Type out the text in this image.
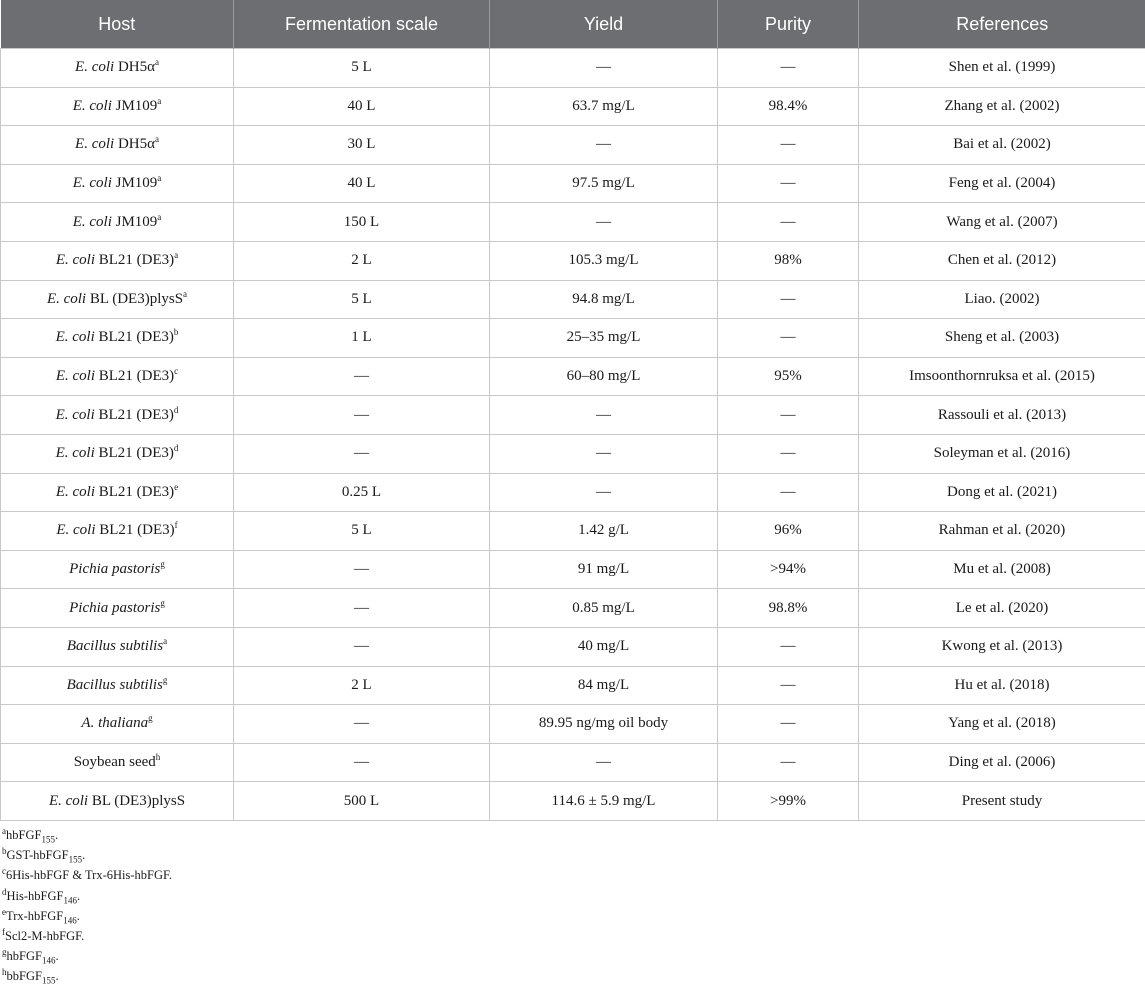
Host	Fermentation scale	Yield	Purity	References
E. coli $DH5\alpha^a$	5 L	—	—	Shen et al. (1999)
E. coli JM109$^a$	40 L	63.7 mg/L	98.4%	Zhang et al. (2002)
E. coli $DH5\alpha^a$	30 L	—	—	Bai et al. (2002)
E. coli JM109$^a$	40 L	97.5 mg/L	—	Feng et al. (2004)
E. coli JM109$^a$	150 L	—	—	Wang et al. (2007)
E. coli BL21 $(DE3)^a$	2 L	105.3 mg/L	98%	Chen et al. (2012)
E. coli BL (DE3)plysS$^a$	5 L	94.8 mg/L	—	Liao. (2002)
E. coli BL21 $(DE3)^b$	1 L	25–35 mg/L	—	Sheng et al. (2003)
E. coli BL21 $(DE3)^c$	—	60–80 mg/L	95%	Imsoonthornruksa et al. (2015)
E. coli BL21 $(DE3)^d$	—	—	—	Rassouli et al. (2013)
E. coli BL21 $(DE3)^d$	—	—	—	Soleyman et al. (2016)
E. coli BL21 $(DE3)^e$	0.25 L	—	—	Dong et al. (2021)
E. coli BL21 $(DE3)^f$	5 L	1.42 g/L	96%	Rahman et al. (2020)
Pichia pastoris$^g$	—	91 mg/L	>94%	Mu et al. (2008)
Pichia pastoris$^g$	—	0.85 mg/L	98.8%	Le et al. (2020)
Bacillus subtilis$^a$	—	40 mg/L	—	Kwong et al. (2013)
Bacillus subtilis$^g$	2 L	84 mg/L	—	Hu et al. (2018)
A. thaliana$^g$	—	89.95 ng/mg oil body	—	Yang et al. (2018)
Soybean seed$^h$	—	—	—	Ding et al. (2006)
E. coli BL (DE3)plysS	500 L	114.6 ± 5.9 mg/L	>99%	Present study
$^a$hbFGF$_{155}$.
$^b$GST-hbFGF$_{155}$.
$^c$6His-hbFGF & Trx-6His-hbFGF.
$^d$His-hbFGF$_{146}$.
$^e$Trx-hbFGF$_{146}$.
$^f$Scl2-M-hbFGF.
$^g$hbFGF$_{146}$.
$^h$bbFGF$_{155}$.
